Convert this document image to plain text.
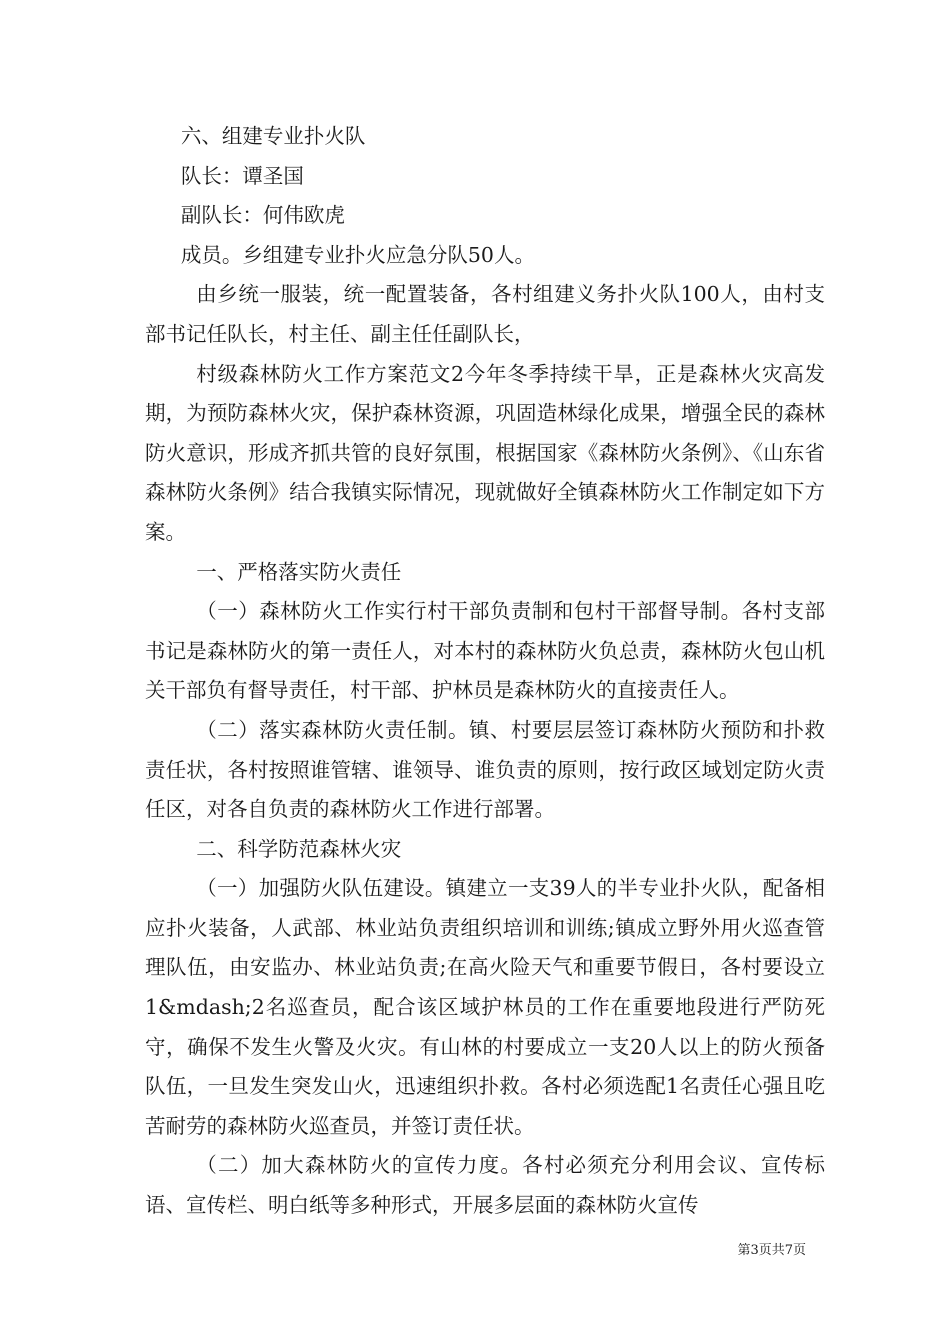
六、组建专业扑火队

队长：谭圣国

副队长：何伟欧虎

成员。乡组建专业扑火应急分队50人。

由乡统一服装，统一配置装备，各村组建义务扑火队100人，由村支部书记任队长，村主任、副主任任副队长，

村级森林防火工作方案范文2今年冬季持续干旱，正是森林火灾高发期，为预防森林火灾，保护森林资源，巩固造林绿化成果，增强全民的森林防火意识，形成齐抓共管的良好氛围，根据国家《森林防火条例》、《山东省森林防火条例》结合我镇实际情况，现就做好全镇森林防火工作制定如下方案。

一、严格落实防火责任

（一）森林防火工作实行村干部负责制和包村干部督导制。各村支部书记是森林防火的第一责任人，对本村的森林防火负总责，森林防火包山机关干部负有督导责任，村干部、护林员是森林防火的直接责任人。

（二）落实森林防火责任制。镇、村要层层签订森林防火预防和扑救责任状，各村按照谁管辖、谁领导、谁负责的原则，按行政区域划定防火责任区，对各自负责的森林防火工作进行部署。

二、科学防范森林火灾

（一）加强防火队伍建设。镇建立一支39人的半专业扑火队，配备相应扑火装备，人武部、林业站负责组织培训和训练;镇成立野外用火巡查管理队伍，由安监办、林业站负责;在高火险天气和重要节假日，各村要设立1&mdash;2名巡查员，配合该区域护林员的工作在重要地段进行严防死守，确保不发生火警及火灾。有山林的村要成立一支20人以上的防火预备队伍，一旦发生突发山火，迅速组织扑救。各村必须选配1名责任心强且吃苦耐劳的森林防火巡查员，并签订责任状。

（二）加大森林防火的宣传力度。各村必须充分利用会议、宣传标语、宣传栏、明白纸等多种形式，开展多层面的森林防火宣传

第3页共7页
